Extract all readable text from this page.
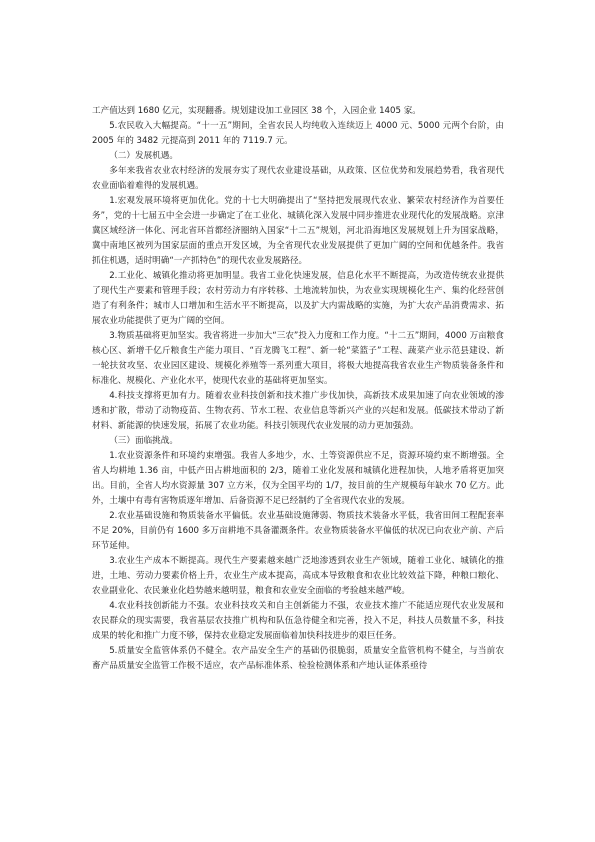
工产值达到 1680 亿元，实现翻番。规划建设加工业园区 38 个，入园企业 1405 家。

5.农民收入大幅提高。“十一五”期间，全省农民人均纯收入连续迈上 4000 元、5000 元两个台阶，由 2005 年的 3482 元提高到 2011 年的 7119.7 元。

（二）发展机遇。

多年来我省农业农村经济的发展夯实了现代农业建设基础，从政策、区位优势和发展趋势看，我省现代农业面临着难得的发展机遇。

1.宏观发展环境将更加优化。党的十七大明确提出了“坚持把发展现代农业、繁荣农村经济作为首要任务”，党的十七届五中全会进一步确定了在工业化、城镇化深入发展中同步推进农业现代化的发展战略。京津冀区域经济一体化、河北省环首都经济圈纳入国家“十二五”规划，河北沿海地区发展规划上升为国家战略，冀中南地区被列为国家层面的重点开发区域，为全省现代农业发展提供了更加广阔的空间和优越条件。我省抓住机遇，适时明确“一产抓特色”的现代农业发展路径。

2.工业化、城镇化推动将更加明显。我省工业化快速发展，信息化水平不断提高，为改造传统农业提供了现代生产要素和管理手段；农村劳动力有序转移、土地流转加快，为农业实现规模化生产、集约化经营创造了有利条件；城市人口增加和生活水平不断提高，以及扩大内需战略的实施，为扩大农产品消费需求、拓展农业功能提供了更为广阔的空间。

3.物质基础将更加坚实。我省将进一步加大“三农”投入力度和工作力度。“十二五”期间，4000 万亩粮食核心区、新增千亿斤粮食生产能力项目、“百龙腾飞工程”、新一轮“菜篮子”工程、蔬菜产业示范县建设、新一轮扶贫攻坚、农业园区建设、规模化养殖等一系列重大项目，将极大地提高我省农业生产物质装备条件和标准化、规模化、产业化水平，使现代农业的基础将更加坚实。

4.科技支撑将更加有力。随着农业科技创新和技术推广步伐加快，高新技术成果加速了向农业领域的渗透和扩散，带动了动物疫苗、生物农药、节水工程、农业信息等新兴产业的兴起和发展。低碳技术带动了新材料、新能源的快速发展，拓展了农业功能。科技引领现代农业发展的动力更加强劲。

（三）面临挑战。

1.农业资源条件和环境约束增强。我省人多地少，水、土等资源供应不足，资源环境约束不断增强。全省人均耕地 1.36 亩，中低产田占耕地面积的 2/3，随着工业化发展和城镇化进程加快，人地矛盾将更加突出。目前，全省人均水资源量 307 立方米，仅为全国平均的 1/7，按目前的生产规模每年缺水 70 亿方。此外，土壤中有毒有害物质逐年增加、后备资源不足已经制约了全省现代农业的发展。

2.农业基础设施和物质装备水平偏低。农业基础设施薄弱、物质技术装备水平低，我省田间工程配套率不足 20%，目前仍有 1600 多万亩耕地不具备灌溉条件。农业物质装备水平偏低的状况已向农业产前、产后环节延伸。

3.农业生产成本不断提高。现代生产要素越来越广泛地渗透到农业生产领域，随着工业化、城镇化的推进，土地、劳动力要素价格上升，农业生产成本提高，高成本导致粮食和农业比较效益下降，种粮口粮化、农业副业化、农民兼业化趋势越来越明显，粮食和农业安全面临的考验越来越严峻。

4.农业科技创新能力不强。农业科技攻关和自主创新能力不强，农业技术推广不能适应现代农业发展和农民群众的现实需要，我省基层农技推广机构和队伍急待健全和完善，投入不足，科技人员数量不多，科技成果的转化和推广力度不够，保持农业稳定发展面临着加快科技进步的艰巨任务。

5.质量安全监管体系仍不健全。农产品安全生产的基础仍很脆弱，质量安全监管机构不健全，与当前农畜产品质量安全监管工作极不适应，农产品标准体系、检验检测体系和产地认证体系亟待
